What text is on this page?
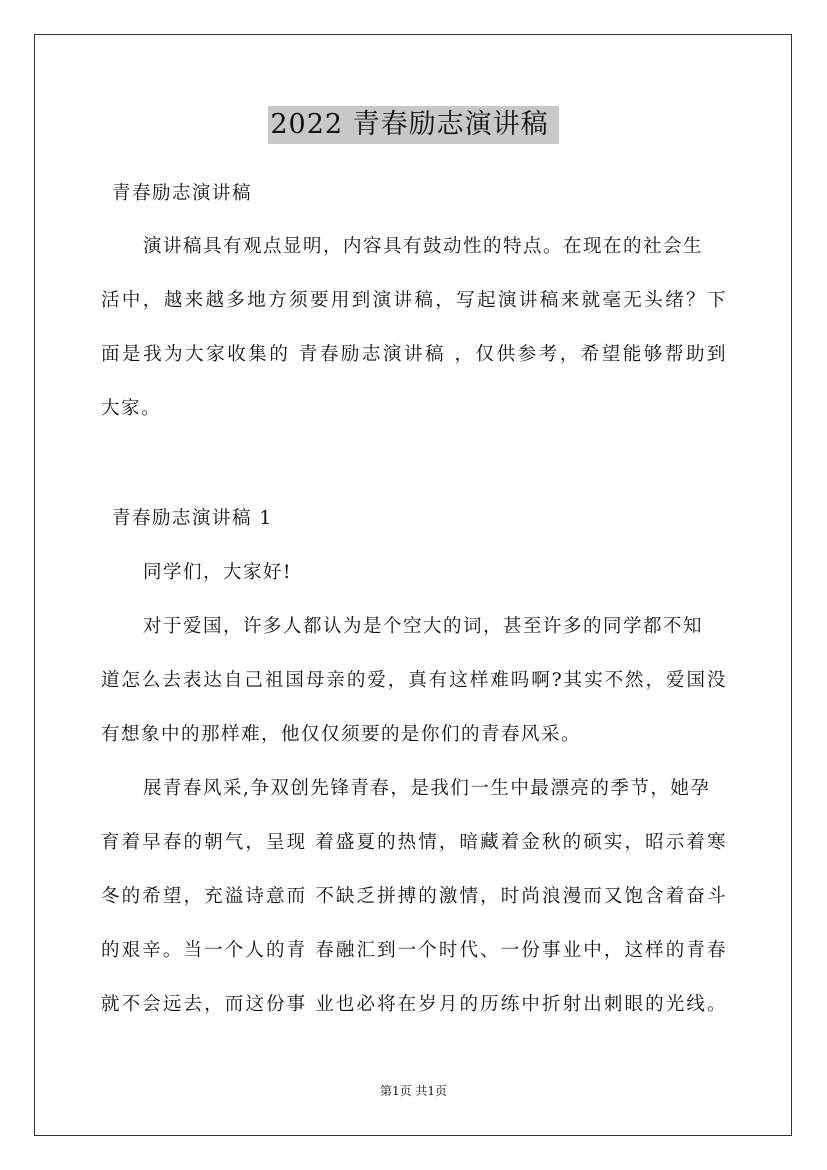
2022 青春励志演讲稿

青春励志演讲稿

演讲稿具有观点显明，内容具有鼓动性的特点。在现在的社会生

活中，越来越多地方须要用到演讲稿，写起演讲稿来就毫无头绪？下

面是我为大家收集的 青春励志演讲稿 ，仅供参考，希望能够帮助到

大家。

青春励志演讲稿 1

同学们，大家好!

对于爱国，许多人都认为是个空大的词，甚至许多的同学都不知

道怎么去表达自己祖国母亲的爱，真有这样难吗啊?其实不然，爱国没

有想象中的那样难，他仅仅须要的是你们的青春风采。

展青春风采,争双创先锋青春，是我们一生中最漂亮的季节，她孕

育着早春的朝气，呈现 着盛夏的热情，暗藏着金秋的硕实，昭示着寒

冬的希望，充溢诗意而 不缺乏拼搏的激情，时尚浪漫而又饱含着奋斗

的艰辛。当一个人的青 春融汇到一个时代、一份事业中，这样的青春

就不会远去，而这份事 业也必将在岁月的历练中折射出刺眼的光线。

第1页 共1页
